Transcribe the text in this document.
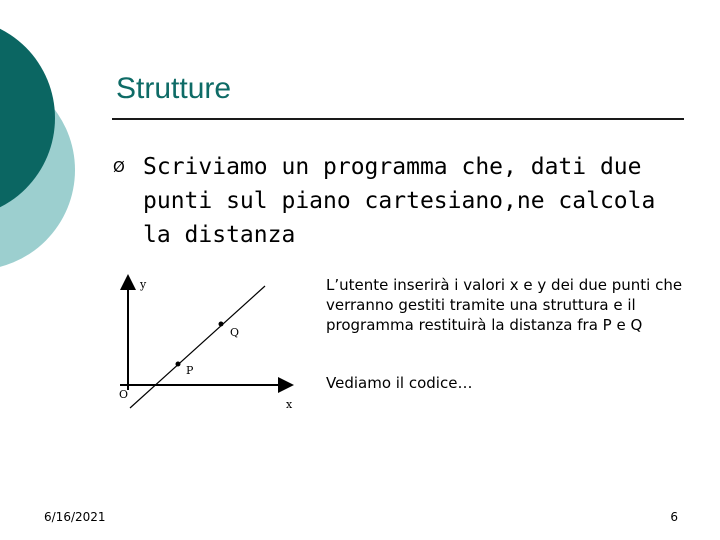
Strutture
Ø Scriviamo un programma che, dati due punti sul piano cartesiano,ne calcola la distanza
y
x
O
P
Q

L’utente inserirà i valori x e y dei due punti che verranno gestiti tramite una struttura e il programma restituirà la distanza fra P e Q

Vediamo il codice…

6/16/2021	6
